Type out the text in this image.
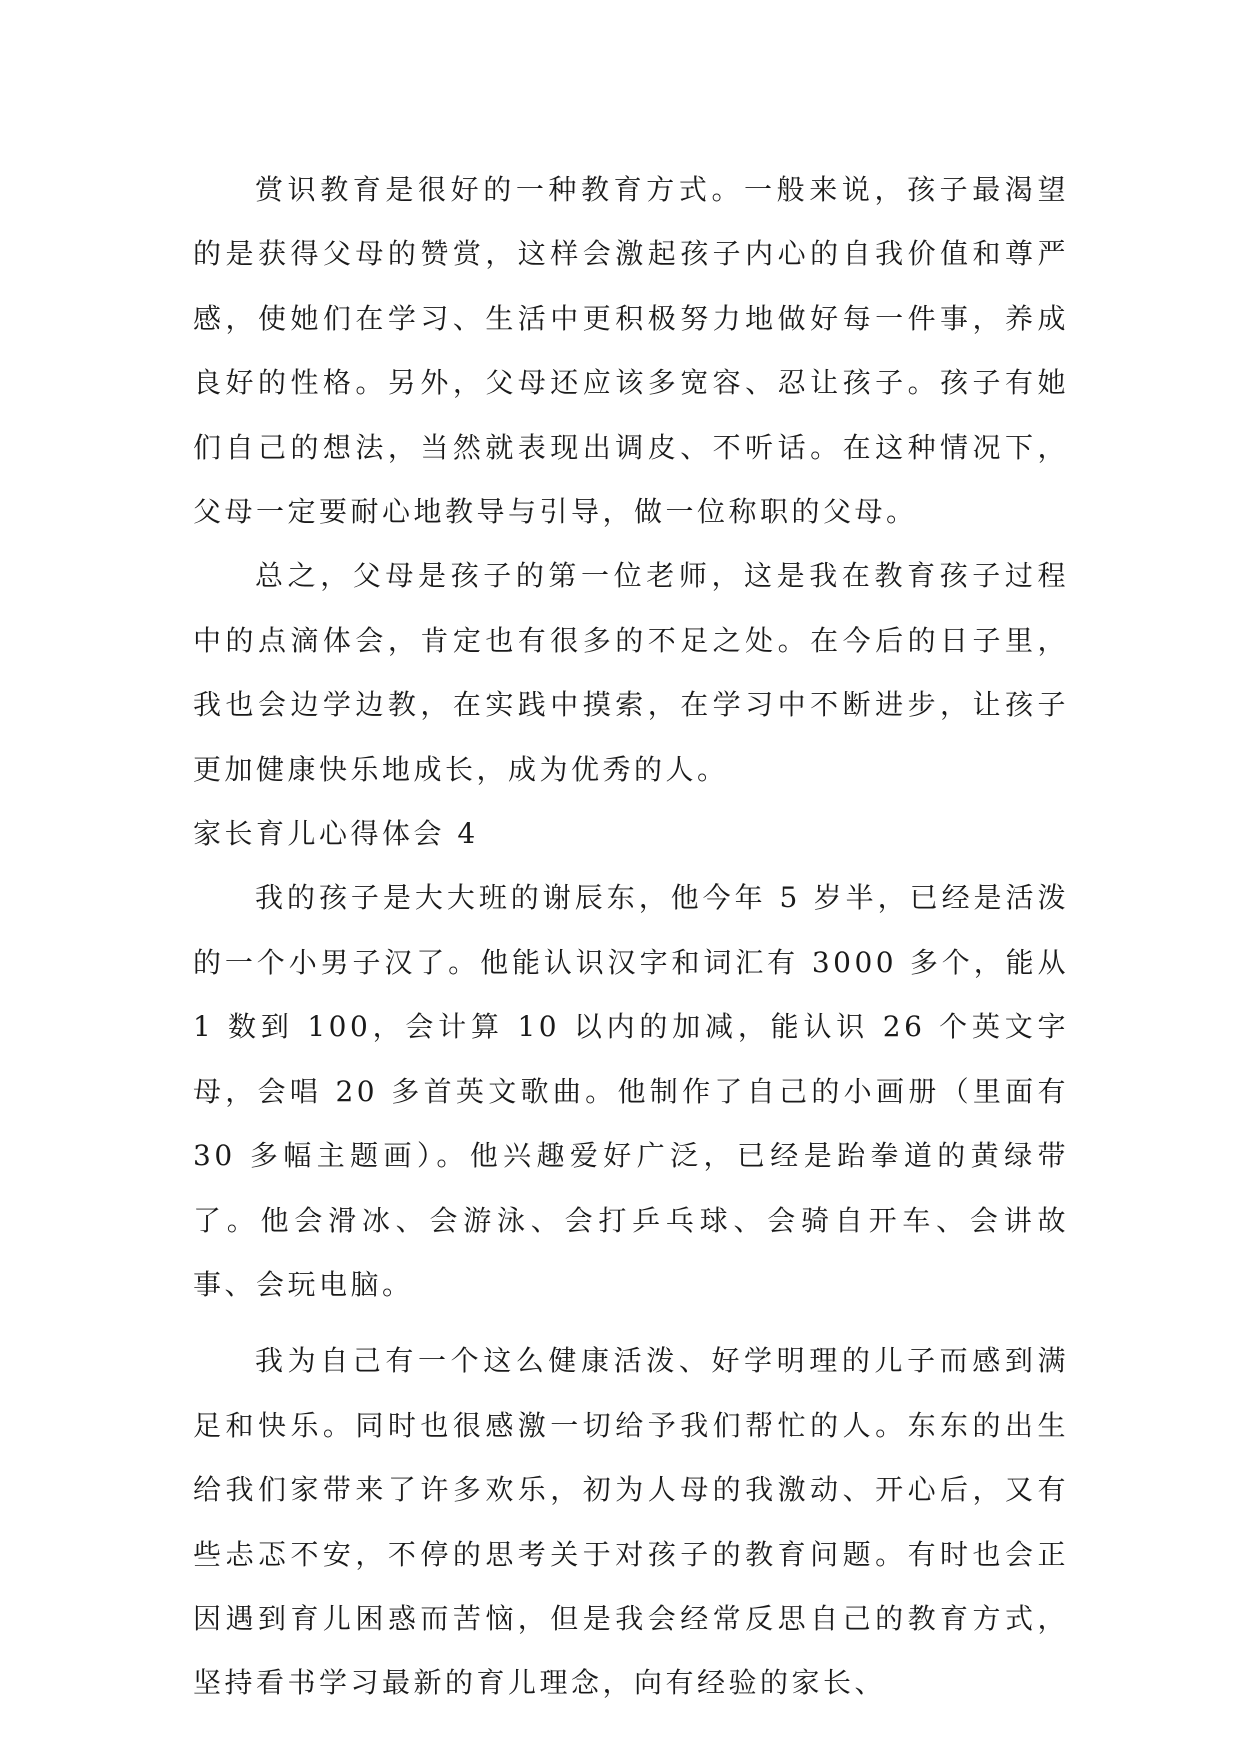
赏识教育是很好的一种教育方式。一般来说，孩子最渴望的是获得父母的赞赏，这样会激起孩子内心的自我价值和尊严感，使她们在学习、生活中更积极努力地做好每一件事，养成良好的性格。另外，父母还应该多宽容、忍让孩子。孩子有她们自己的想法，当然就表现出调皮、不听话。在这种情况下，父母一定要耐心地教导与引导，做一位称职的父母。

总之，父母是孩子的第一位老师，这是我在教育孩子过程中的点滴体会，肯定也有很多的不足之处。在今后的日子里，我也会边学边教，在实践中摸索，在学习中不断进步，让孩子更加健康快乐地成长，成为优秀的人。

家长育儿心得体会 4

我的孩子是大大班的谢辰东，他今年 5 岁半，已经是活泼的一个小男子汉了。他能认识汉字和词汇有 3000 多个，能从 1 数到 100，会计算 10 以内的加减，能认识 26 个英文字母，会唱 20 多首英文歌曲。他制作了自己的小画册（里面有 30 多幅主题画）。他兴趣爱好广泛，已经是跆拳道的黄绿带了。他会滑冰、会游泳、会打乒乓球、会骑自开车、会讲故事、会玩电脑。

我为自己有一个这么健康活泼、好学明理的儿子而感到满足和快乐。同时也很感激一切给予我们帮忙的人。东东的出生给我们家带来了许多欢乐，初为人母的我激动、开心后，又有些忐忑不安，不停的思考关于对孩子的教育问题。有时也会正因遇到育儿困惑而苦恼，但是我会经常反思自己的教育方式，坚持看书学习最新的育儿理念，向有经验的家长、
